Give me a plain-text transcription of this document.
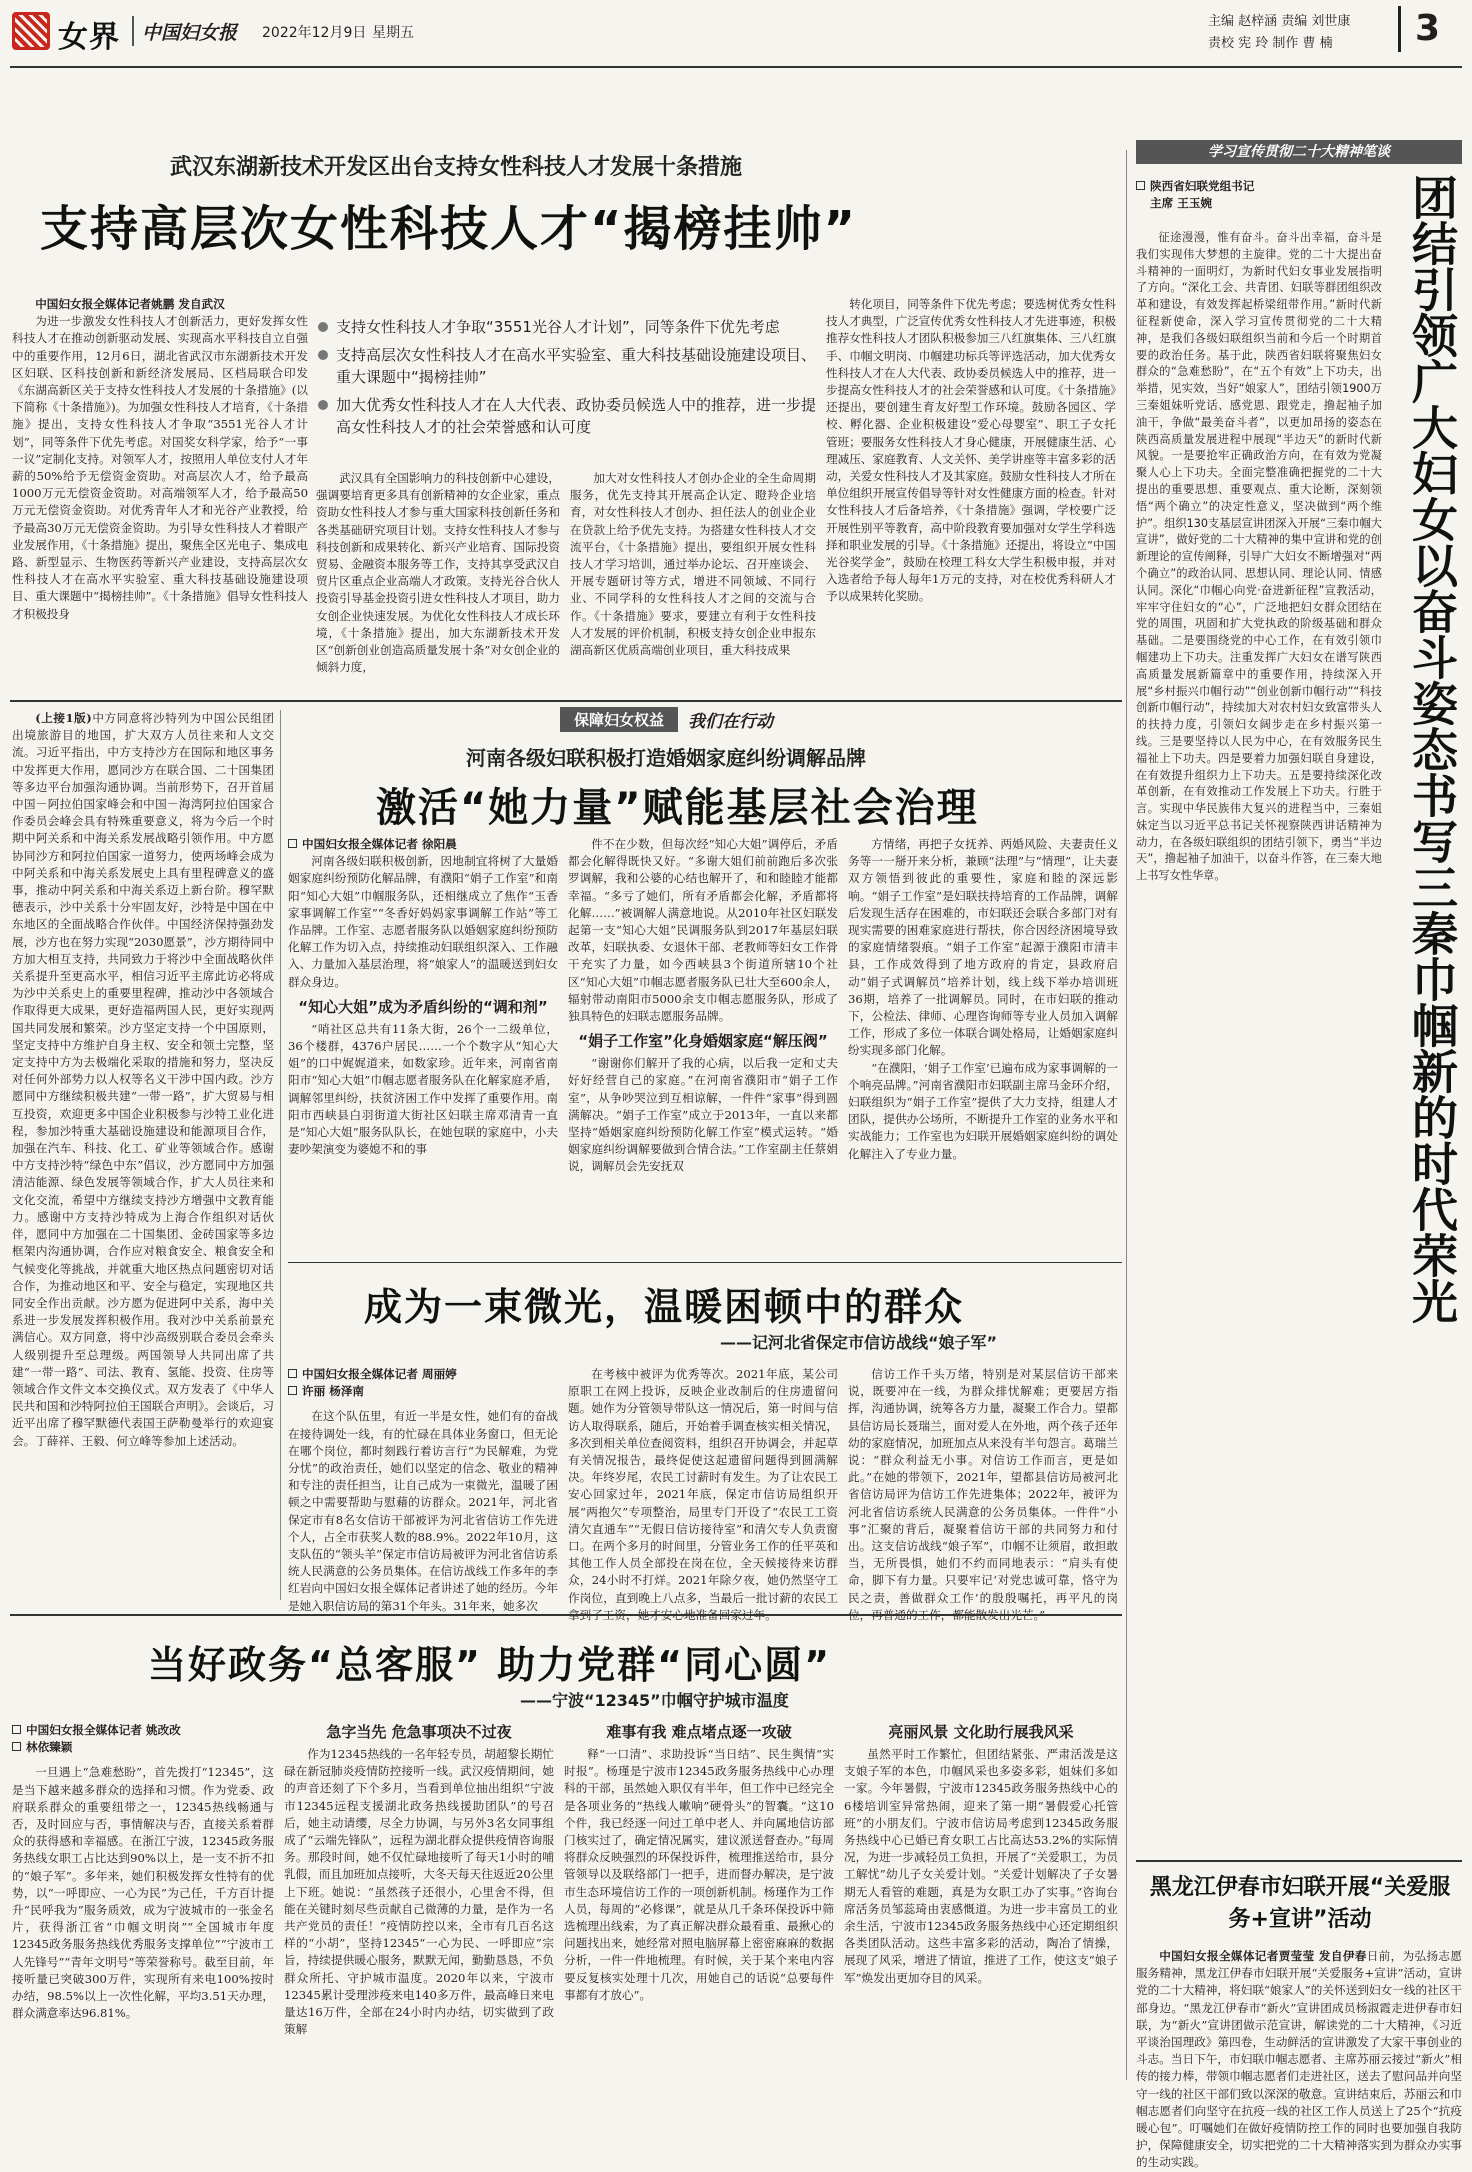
女界 中国妇女报 2022年12月9日 星期五
主编 赵梓涵 责编 刘世康
责校 宪 玲 制作 曹 楠	3
武汉东湖新技术开发区出台支持女性科技人才发展十条措施
支持高层次女性科技人才“揭榜挂帅”
支持女性科技人才争取“3551光谷人才计划”，同等条件下优先考虑
支持高层次女性科技人才在高水平实验室、重大科技基础设施建设项目、重大课题中“揭榜挂帅”
加大优秀女性科技人才在人大代表、政协委员候选人中的推荐，进一步提高女性科技人才的社会荣誉感和认可度
中国妇女报全媒体记者姚鹏 发自武汉

为进一步激发女性科技人才创新活力，更好发挥女性科技人才在推动创新驱动发展、实现高水平科技自立自强中的重要作用，12月6日，湖北省武汉市东湖新技术开发区妇联、区科技创新和新经济发展局、区档局联合印发《东湖高新区关于支持女性科技人才发展的十条措施》(以下简称《十条措施》)。为加强女性科技人才培育，《十条措施》提出，支持女性科技人才争取“3551光谷人才计划”，同等条件下优先考虑。对国奖女科学家，给予“一事一议”定制化支持。对领军人才，按照用人单位支付人才年薪的50%给予无偿资金资助。对高层次人才，给予最高1000万元无偿资金资助。对高端领军人才，给予最高50万元无偿资金资助。对优秀青年人才和光谷产业教授，给予最高30万元无偿资金资助。为引导女性科技人才着眼产业发展作用，《十条措施》提出，聚焦全区光电子、集成电路、新型显示、生物医药等新兴产业建设，支持高层次女性科技人才在高水平实验室、重大科技基础设施建设项目、重大课题中“揭榜挂帅”。《十条措施》倡导女性科技人才积极投身

武汉具有全国影响力的科技创新中心建设，强调要培育更多具有创新精神的女企业家，重点资助女性科技人才参与重大国家科技创新任务和各类基础研究项目计划。支持女性科技人才参与科技创新和成果转化、新兴产业培育、国际投资贸易、金融资本服务等工作，支持其享受武汉自贸片区重点企业高端人才政策。支持光谷合伙人投资引导基金投资引进女性科技人才项目，助力女创企业快速发展。为优化女性科技人才成长环境，《十条措施》提出，加大东湖新技术开发区“创新创业创造高质量发展十条”对女创企业的倾斜力度，

加大对女性科技人才创办企业的全生命周期服务，优先支持其开展高企认定、瞪羚企业培育，对女性科技人才创办、担任法人的创业企业在贷款上给予优先支持。为搭建女性科技人才交流平台，《十条措施》提出，要组织开展女性科技人才学习培训，通过举办论坛、召开座谈会、开展专题研讨等方式，增进不同领域、不同行业、不同学科的女性科技人才之间的交流与合作。《十条措施》要求，要建立有利于女性科技人才发展的评价机制，积极支持女创企业申报东湖高新区优质高端创业项目，重大科技成果

转化项目，同等条件下优先考虑；要选树优秀女性科技人才典型，广泛宣传优秀女性科技人才先进事迹，积极推荐女性科技人才团队积极参加三八红旗集体、三八红旗手、巾帼文明岗、巾帼建功标兵等评选活动，加大优秀女性科技人才在人大代表、政协委员候选人中的推荐，进一步提高女性科技人才的社会荣誉感和认可度。《十条措施》还提出，要创建生育友好型工作环境。鼓励各园区、学校、孵化器、企业积极建设“爱心母婴室”、职工子女托管班；要服务女性科技人才身心健康，开展健康生活、心理减压、家庭教育、人文关怀、美学讲座等丰富多彩的活动，关爱女性科技人才及其家庭。鼓励女性科技人才所在单位组织开展宣传倡导等针对女性健康方面的检查。针对女性科技人才后备培养，《十条措施》强调，学校要广泛开展性别平等教育，高中阶段教育要加强对女学生学科选择和职业发展的引导。《十条措施》还提出，将设立“中国光谷奖学金”，鼓励在校理工科女大学生积极申报，并对入选者给予每人每年1万元的支持，对在校优秀科研人才予以成果转化奖励。

(上接1版)中方同意将沙特列为中国公民组团出境旅游目的地国，扩大双方人员往来和人文交流。习近平指出，中方支持沙方在国际和地区事务中发挥更大作用，愿同沙方在联合国、二十国集团等多边平台加强沟通协调。当前形势下，召开首届中国－阿拉伯国家峰会和中国－海湾阿拉伯国家合作委员会峰会具有特殊重要意义，将为今后一个时期中阿关系和中海关系发展战略引领作用。中方愿协同沙方和阿拉伯国家一道努力，使两场峰会成为中阿关系和中海关系发展史上具有里程碑意义的盛事，推动中阿关系和中海关系迈上新台阶。穆罕默德表示，沙中关系十分牢固友好，沙特是中国在中东地区的全面战略合作伙伴。中国经济保持强劲发展，沙方也在努力实现“2030愿景”，沙方期待同中方加大相互支持，共同致力于将沙中全面战略伙伴关系提升至更高水平，相信习近平主席此访必将成为沙中关系史上的重要里程碑，推动沙中各领域合作取得更大成果，更好造福两国人民，更好实现两国共同发展和繁荣。沙方坚定支持一个中国原则，坚定支持中方维护自身主权、安全和领土完整，坚定支持中方为去极端化采取的措施和努力，坚决反对任何外部势力以人权等名义干涉中国内政。沙方愿同中方继续积极共建“一带一路”，扩大贸易与相互投资，欢迎更多中国企业积极参与沙特工业化进程，参加沙特重大基础设施建设和能源项目合作，加强在汽车、科技、化工、矿业等领域合作。感谢中方支持沙特“绿色中东”倡议，沙方愿同中方加强清洁能源、绿色发展等领域合作，扩大人员往来和文化交流，希望中方继续支持沙方增强中文教育能力。感谢中方支持沙特成为上海合作组织对话伙伴，愿同中方加强在二十国集团、金砖国家等多边框架内沟通协调，合作应对粮食安全、粮食安全和气候变化等挑战，并就重大地区热点问题密切对话合作，为推动地区和平、安全与稳定，实现地区共同安全作出贡献。沙方愿为促进阿中关系，海中关系进一步发展发挥积极作用。我对沙中关系前景充满信心。双方同意，将中沙高级别联合委员会牵头人级别提升至总理级。两国领导人共同出席了共建“一带一路”、司法、教育、氢能、投资、住房等领域合作文件文本交换仪式。双方发表了《中华人民共和国和沙特阿拉伯王国联合声明》。会谈后，习近平出席了穆罕默德代表国王萨勒曼举行的欢迎宴会。丁薛祥、王毅、何立峰等参加上述活动。

保障妇女权益	我们在行动
河南各级妇联积极打造婚姻家庭纠纷调解品牌
激活“她力量”赋能基层社会治理
中国妇女报全媒体记者 徐阳晨

河南各级妇联积极创新，因地制宜将树了大量婚姻家庭纠纷预防化解品牌，有濮阳“娟子工作室”和南阳“知心大姐”巾帼服务队，还相继成立了焦作“玉香家事调解工作室”“冬香好妈妈家事调解工作站”等工作品牌。工作室、志愿者服务队以婚姻家庭纠纷预防化解工作为切入点，持续推动妇联组织深入、工作融入、力量加入基层治理，将“娘家人”的温暖送到妇女群众身边。

“知心大姐”成为矛盾纠纷的“调和剂”

“哨社区总共有11条大街，26个一二级单位，36个楼群，4376户居民……一个个数字从“知心大姐”的口中娓娓道来，如数家珍。近年来，河南省南阳市“知心大姐”巾帼志愿者服务队在化解家庭矛盾，调解邻里纠纷，扶贫济困工作中发挥了重要作用。南阳市西峡县白羽街道大街社区妇联主席邓清青一直是“知心大姐”服务队队长，在她包联的家庭中，小夫妻吵架演变为婆媳不和的事

件不在少数，但每次经“知心大姐”调停后，矛盾都会化解得既快又好。“多谢大姐们前前跑后多次张罗调解，我和公婆的心结也解开了，和和睦睦才能都幸福。“多亏了她们，所有矛盾都会化解，矛盾都将化解……”被调解人满意地说。从2010年社区妇联发起第一支“知心大姐”民调服务队到2017年基层妇联改革，妇联执委、女退休干部、老教师等妇女工作骨干充实了力量，如今西峡县3个街道所辖10个社区“知心大姐”巾帼志愿者服务队已壮大至600余人，辐射带动南阳市5000余支巾帼志愿服务队，形成了独具特色的妇联志愿服务品牌。

“娟子工作室”化身婚姻家庭“解压阀”

“谢谢你们解开了我的心病，以后我一定和丈夫好好经营自己的家庭。”在河南省濮阳市“娟子工作室”，从争吵哭泣到互相谅解，一件件“家事”得到圆满解决。“娟子工作室”成立于2013年，一直以来都坚持“婚姻家庭纠纷预防化解工作室”模式运转。“婚姻家庭纠纷调解要做到合情合法。”工作室副主任蔡娟说，调解员会先安抚双

方情绪，再把子女抚养、两婚风险、夫妻责任义务等一一掰开来分析，兼顾“法理”与“情理”，让夫妻双方领悟到彼此的重要性，家庭和睦的深远影响。“娟子工作室”是妇联扶持培育的工作品牌，调解后发现生活存在困难的，市妇联还会联合多部门对有现实需要的困难家庭进行帮扶，你合因经济困境导致的家庭情绪裂痕。“娟子工作室”起源于濮阳市清丰县，工作成效得到了地方政府的肯定，县政府启动“娟子式调解员”培养计划，线上线下举办培训班36期，培养了一批调解员。同时，在市妇联的推动下，公检法、律师、心理咨询师等专业人员加入调解工作，形成了多位一体联合调处格局，让婚姻家庭纠纷实现多部门化解。

“在濮阳，‘娟子工作室’已遍布成为家事调解的一个响亮品牌。”河南省濮阳市妇联副主席马金环介绍，妇联组织为“娟子工作室”提供了大力支持，组建人才团队，提供办公场所，不断提升工作室的业务水平和实战能力；工作室也为妇联开展婚姻家庭纠纷的调处化解注入了专业力量。

成为一束微光，温暖困顿中的群众
——记河北省保定市信访战线“娘子军”
中国妇女报全媒体记者 周丽婷
许丽 杨泽南

在这个队伍里，有近一半是女性，她们有的奋战在接待调处一线，有的忙碌在具体业务窗口，但无论在哪个岗位，都时刻践行着访言行“为民解难，为党分忧”的政治责任，她们以坚定的信念、敬业的精神和专注的责任担当，让自己成为一束微光，温暖了困顿之中需要帮助与慰藉的访群众。2021年，河北省保定市有8名女信访干部被评为河北省信访工作先进个人，占全市获奖人数的88.9%。2022年10月，这支队伍的“领头羊”保定市信访局被评为河北省信访系统人民满意的公务员集体。在信访战线工作多年的李红岩向中国妇女报全媒体记者讲述了她的经历。今年是她入职信访局的第31个年头。31年来，她多次

在考核中被评为优秀等次。2021年底，某公司原职工在网上投诉，反映企业改制后的住房遗留问题。她作为分管领导带队这一情况后，第一时间与信访人取得联系，随后，开始着手调查核实相关情况，多次到相关单位查阅资料，组织召开协调会，并起草有关情况报告，最终促使这起遗留问题得到圆满解决。年终岁尾，农民工讨薪时有发生。为了让农民工安心回家过年，2021年底，保定市信访局组织开展“两抱欠”专项整治，局里专门开设了“农民工工资清欠直通车”“无假日信访接待室”和清欠专人负责窗口。在两个多月的时间里，分管业务工作的任平英和其他工作人员全部投在岗在位，全天候接待来访群众，24小时不打烊。2021年除夕夜，她仍然坚守工作岗位，直到晚上八点多，当最后一批讨薪的农民工

信访工作千头万绪，特别是对某层信访干部来说，既要冲在一线，为群众排忧解难；更要居方指挥，沟通协调，统筹各方力量，凝聚工作合力。望都县信访局长聂瑞兰，面对爱人在外地，两个孩子还年幼的家庭情况，加班加点从来没有半句怨言。葛瑞兰说：“群众利益无小事。对信访工作而言，更是如此。”在她的带领下，2021年，望都县信访局被河北省信访局评为信访工作先进集体；2022年，被评为河北省信访系统人民满意的公务员集体。一件件“小事”汇聚的背后，凝聚着信访干部的共同努力和付出。这支信访战线“娘子军”，巾帼不让须眉，敢担敢当，无所畏惧，她们不约而同地表示：“肩头有使命，脚下有力量。只要牢记‘对党忠诚可靠，恪守为民之责，善做群众工作’的殷殷嘱托，再平凡的岗

当好政务“总客服” 助力党群“同心圆”
——宁波“12345”巾帼守护城市温度
中国妇女报全媒体记者 姚改改
林依臻颖

一旦遇上“急难愁盼”，首先拨打“12345”，这是当下越来越多群众的选择和习惯。作为党委、政府联系群众的重要纽带之一，12345热线畅通与否，及时回应与否，事情解决与否，直接关系着群众的获得感和幸福感。在浙江宁波，12345政务服务热线女职工占比达到90%以上，是一支不折不扣的“娘子军”。多年来，她们积极发挥女性特有的优势，以“一呼即应、一心为民”为己任，千方百计提升“民呼我为”服务质效，成为宁波城市的一张金名片，获得浙江省“巾帼文明岗”“全国城市年度12345政务服务热线优秀服务支撑单位”“宁波市工人先锋号”“青年文明号”等荣誉称号。截至目前，年接听量已突破300万件，实现所有来电100%按时办结，98.5%以上一次性化解，平均3.51天办理，群众满意率达96.81%。

急字当先 危急事项决不过夜

作为12345热线的一名年轻专员，胡超黎长期忙碌在新冠肺炎疫情防控接听一线。武汉疫情期间，她的声音还刻了下个多月，当看到单位抽出组织“宁波市12345远程支援湖北政务热线援助团队”的号召后，她主动请缨，尽全力协调，与另外3名女同事组成了“云端先锋队”，远程为湖北群众提供疫情咨询服务。那段时间，她不仅忙碌地接听了每天1小时的哺乳假，而且加班加点接听，大冬天每天往返近20公里上下班。她说：“虽然孩子还很小，心里舍不得，但能在关键时刻尽些贡献自己微薄的力量，是作为一名共产党员的责任！”疫情防控以来，全市有几百名这样的“小胡”，坚持12345“一心为民、一呼即应”宗旨，持续提供暖心服务，默默无闻，勤勤恳恳，不负群众所托、守护城市温度。2020年以来，宁波市12345累计受理涉疫来电140多万件，最高峰日来电量达16万件，全部在24小时内办结，切实做到了政策解

难事有我 难点堵点逐一攻破

释“一口清”、求助投诉“当日结”、民生舆情“实时报”。杨瑾是宁波市12345政务服务热线中心办理科的干部，虽然她入职仅有半年，但工作中已经完全是各项业务的“热线人嗽响”硬骨头”的智囊。“这10个件，我已经逐一问过工单中老人、并向属地信访部门核实过了，确定情况属实，建议派送督查办。”每周将群众反映强烈的环保投诉件，梳理推送给市，县分管领导以及联络部门一把手，进而督办解决，是宁波市生态环境信访工作的一项创新机制。杨瑾作为工作人员，每周的“必修课”，就是从几千条环保投诉中筛选梳理出线索，为了真正解决群众最看重、最揪心的问题找出来，她经常对照电脑屏幕上密密麻麻的数据分析，一件一件地梳理。有时候，关于某个来电内容要反复核实处理十几次，用她自己的话说“总要每件事都有才放心”。

亮丽风景 文化助行展我风采

虽然平时工作繁忙，但团结紧张、严肃活泼是这支娘子军的本色，巾帼风采也多姿多彩，姐妹们多如一家。今年暑假，宁波市12345政务服务热线中心的6楼培训室异常热闹，迎来了第一期“暑假爱心托管班”的小朋友们。宁波市信访局考虑到12345政务服务热线中心已婚已育女职工占比高达53.2%的实际情况，为进一步减轻员工负担，开展了“关爱职工，为员工解忧”幼儿子女关爱计划。“关爱计划解决了子女暑期无人看管的难题，真是为女职工办了实事。”咨询台席活务员邹蕊琦由衷感慨道。为进一步丰富员工的业余生活，宁波市12345政务服务热线中心还定期组织各类团队活动。这些丰富多彩的活动，陶冶了情操，展现了风采，增进了情谊，推进了工作，使这支“娘子军”焕发出更加夺目的风采。

学习宣传贯彻二十大精神笔谈
陕西省妇联党组书记
主席 王玉婉

征途漫漫，惟有奋斗。奋斗出幸福，奋斗是我们实现伟大梦想的主旋律。党的二十大提出奋斗精神的一面明灯，为新时代妇女事业发展指明了方向。“深化工会、共青团、妇联等群团组织改革和建设，有效发挥起桥梁纽带作用。”新时代新征程新使命，深入学习宣传贯彻党的二十大精神，是我们各级妇联组织当前和今后一个时期首要的政治任务。基于此，陕西省妇联将聚焦妇女群众的“急难愁盼”，在“五个有效”上下功夫，出举措，见实效，当好“娘家人”，团结引领1900万三秦姐妹听党话、感党恩、跟党走，撸起袖子加油干，争做“最美奋斗者”，以更加昂扬的姿态在陕西高质量发展进程中展现“半边天”的新时代新风貌。一是要抢牢正确政治方向，在有效为党凝聚人心上下功夫。全面完整准确把握党的二十大提出的重要思想、重要观点、重大论断，深刻领悟“两个确立”的决定性意义，坚决做到“两个维护”。组织130支基层宣讲团深入开展“三秦巾帼大宣讲”，做好党的二十大精神的集中宣讲和党的创新理论的宣传阐释，引导广大妇女不断增强对“两个确立”的政治认同、思想认同、理论认同、情感认同。深化“巾帼心向党·奋进新征程”宣教活动，牢牢守住妇女的“心”，广泛地把妇女群众团结在党的周围，巩固和扩大党执政的阶级基础和群众基础。二是要围绕党的中心工作，在有效引领巾帼建功上下功夫。注重发挥广大妇女在谱写陕西高质量发展新篇章中的重要作用，持续深入开展“乡村振兴巾帼行动”“创业创新巾帼行动”“科技创新巾帼行动”，持续加大对农村妇女致富带头人的扶持力度，引领妇女阔步走在乡村振兴第一线。三是要坚持以人民为中心，在有效服务民生福祉上下功夫。四是要着力加强妇联自身建设，在有效提升组织力上下功夫。五是要持续深化改革创新，在有效推动工作发展上下功夫。行胜于言。实现中华民族伟大复兴的进程当中，三秦姐妹定当以习近平总书记关怀视察陕西讲话精神为动力，在各级妇联组织的团结引领下，勇当“半边天”，撸起袖子加油干，以奋斗作答，在三秦大地上书写女性华章。	团结引领广大妇女以奋斗姿态书写三秦巾帼新的时代荣光
黑龙江伊春市妇联开展“关爱服务+宣讲”活动

中国妇女报全媒体记者贾莹莹 发自伊春日前，为弘扬志愿服务精神，黑龙江伊春市妇联开展“关爱服务+宣讲”活动，宣讲党的二十大精神，将妇联“娘家人”的关怀送到妇女一线的社区干部身边。“黑龙江伊春市“新火”宣讲团成员杨淑霞走进伊春市妇联，为“新火”宣讲团做示范宣讲，解读党的二十大精神，《习近平谈治国理政》第四卷，生动鲜活的宣讲激发了大家干事创业的斗志。当日下午，市妇联巾帼志愿者、主席苏丽云接过“新火”相传的接力棒，带领巾帼志愿者们走进社区，送去了慰问品并向坚守一线的社区干部们致以深深的敬意。宣讲结束后，苏丽云和巾帼志愿者们向坚守在抗疫一线的社区工作人员送上了25个“抗疫暖心包”。叮嘱她们在做好疫情防控工作的同时也要加强自我防护，保障健康安全，切实把党的二十大精神落实到为群众办实事的生动实践。
